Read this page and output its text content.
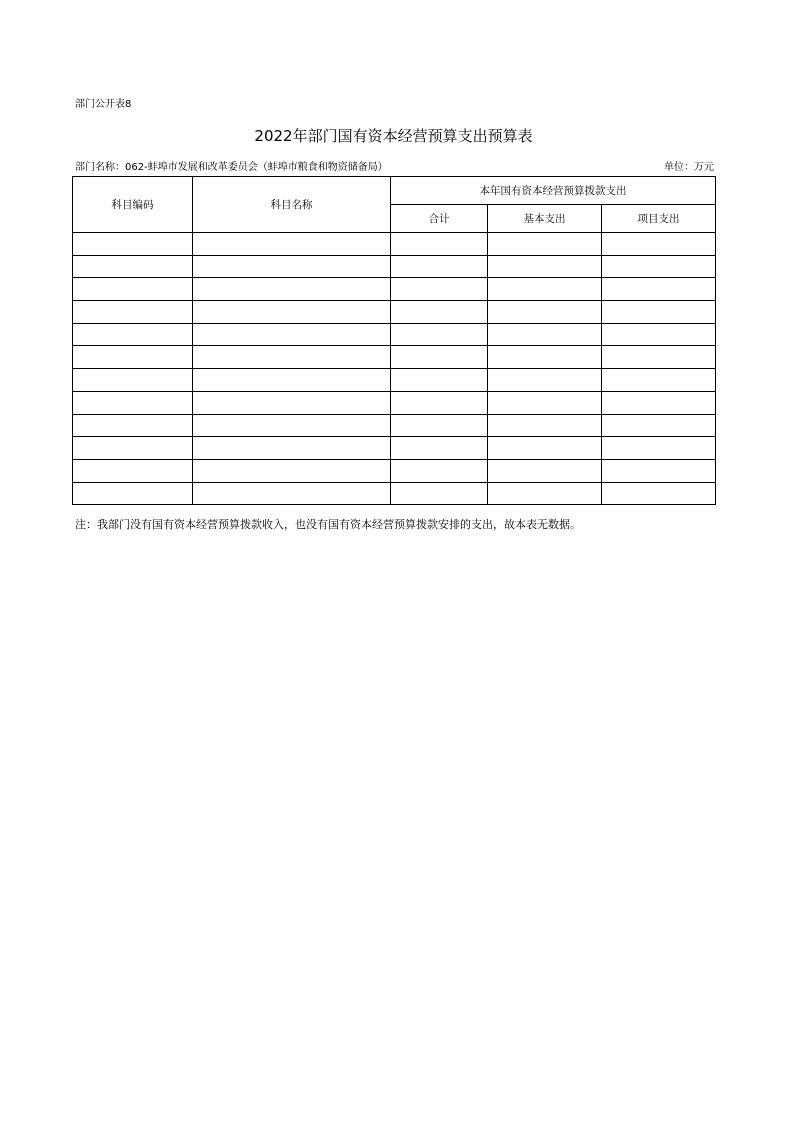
部门公开表8
2022年部门国有资本经营预算支出预算表
部门名称：062-蚌埠市发展和改革委员会（蚌埠市粮食和物资储备局）	单位：万元
科目编码	科目名称	本年国有资本经营预算拨款支出		
		合计	基本支出	项目支出

注：我部门没有国有资本经营预算拨款收入，也没有国有资本经营预算拨款安排的支出，故本表无数据。
